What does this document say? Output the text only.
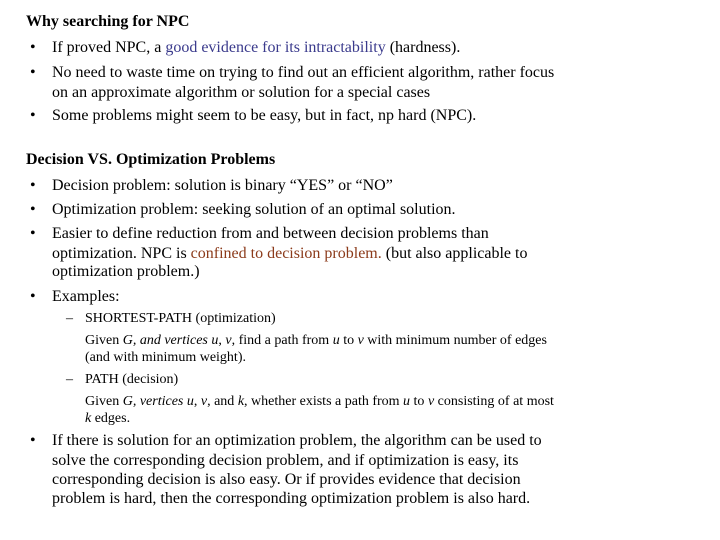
Why searching for NPC
• If proved NPC, a good evidence for its intractability (hardness).
• No need to waste time on trying to find out an efficient algorithm, rather focus
on an approximate algorithm or solution for a special cases
• Some problems might seem to be easy, but in fact, np hard (NPC).
Decision VS. Optimization Problems
• Decision problem: solution is binary “YES” or “NO”
• Optimization problem: seeking solution of an optimal solution.
• Easier to define reduction from and between decision problems than
optimization. NPC is confined to decision problem. (but also applicable to
optimization problem.)
• Examples:
– SHORTEST-PATH (optimization)
Given G, and vertices u, v, find a path from u to v with minimum number of edges
(and with minimum weight).
– PATH (decision)
Given G, vertices u, v, and k, whether exists a path from u to v consisting of at most
k edges.
• If there is solution for an optimization problem, the algorithm can be used to
solve the corresponding decision problem, and if optimization is easy, its
corresponding decision is also easy. Or if provides evidence that decision
problem is hard, then the corresponding optimization problem is also hard.
